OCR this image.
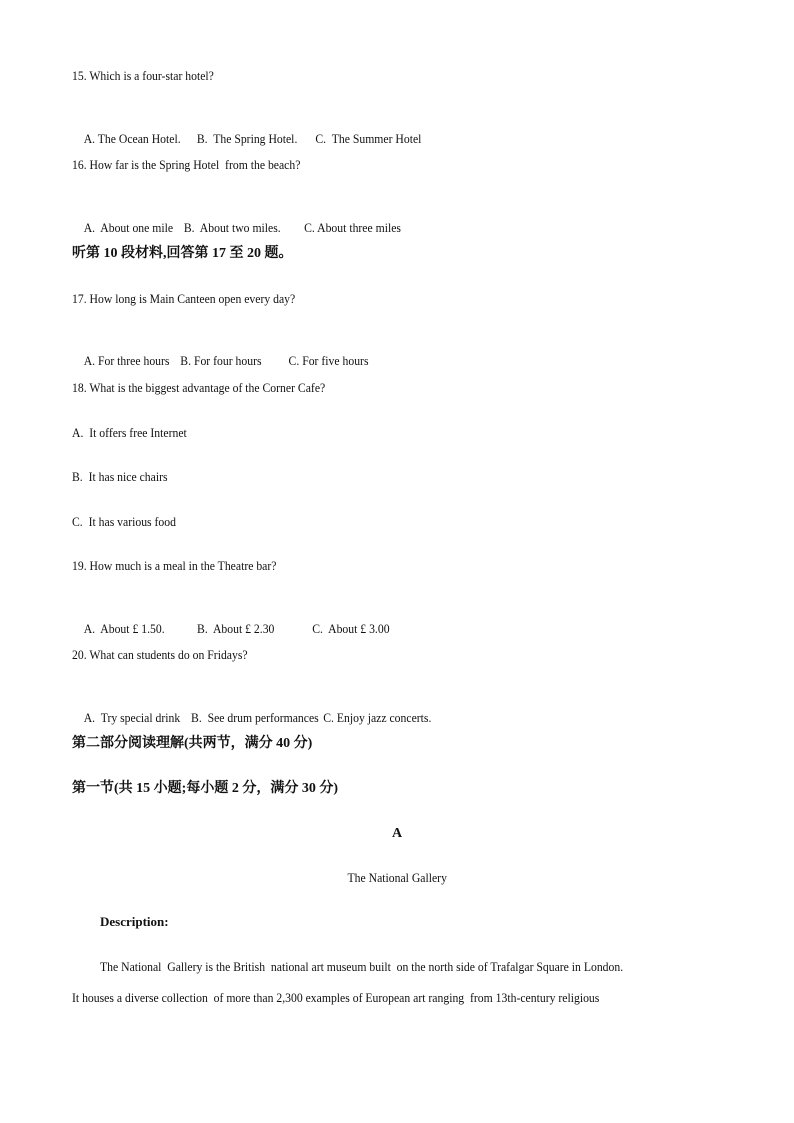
15. Which is a four-star hotel?

A. The Ocean Hotel. B.  The Spring Hotel. C.  The Summer Hotel

16. How far is the Spring Hotel  from the beach?

A.  About one mile B.  About two miles. C. About three miles

听第 10 段材料,回答第 17 至 20 题。
17. How long is Main Canteen open every day?

A. For three hours B. For four hours C. For five hours

18. What is the biggest advantage of the Corner Cafe?
A.  It offers free Internet
B.  It has nice chairs
C.  It has various food
19. How much is a meal in the Theatre bar?

A.  About £ 1.50. B.  About £ 2.30	C.  About £ 3.00

20. What can students do on Fridays?

A.  Try special drink B.  See drum performances C. Enjoy jazz concerts.

第二部分阅读理解(共两节，满分 40 分)
第一节(共 15 小题;每小题 2 分，满分 30 分)
A
The National Gallery
Description:
The National  Gallery is the British  national art museum built  on the north side of Trafalgar Square in London.
It houses a diverse collection  of more than 2,300 examples of European art ranging  from 13th-century religious
